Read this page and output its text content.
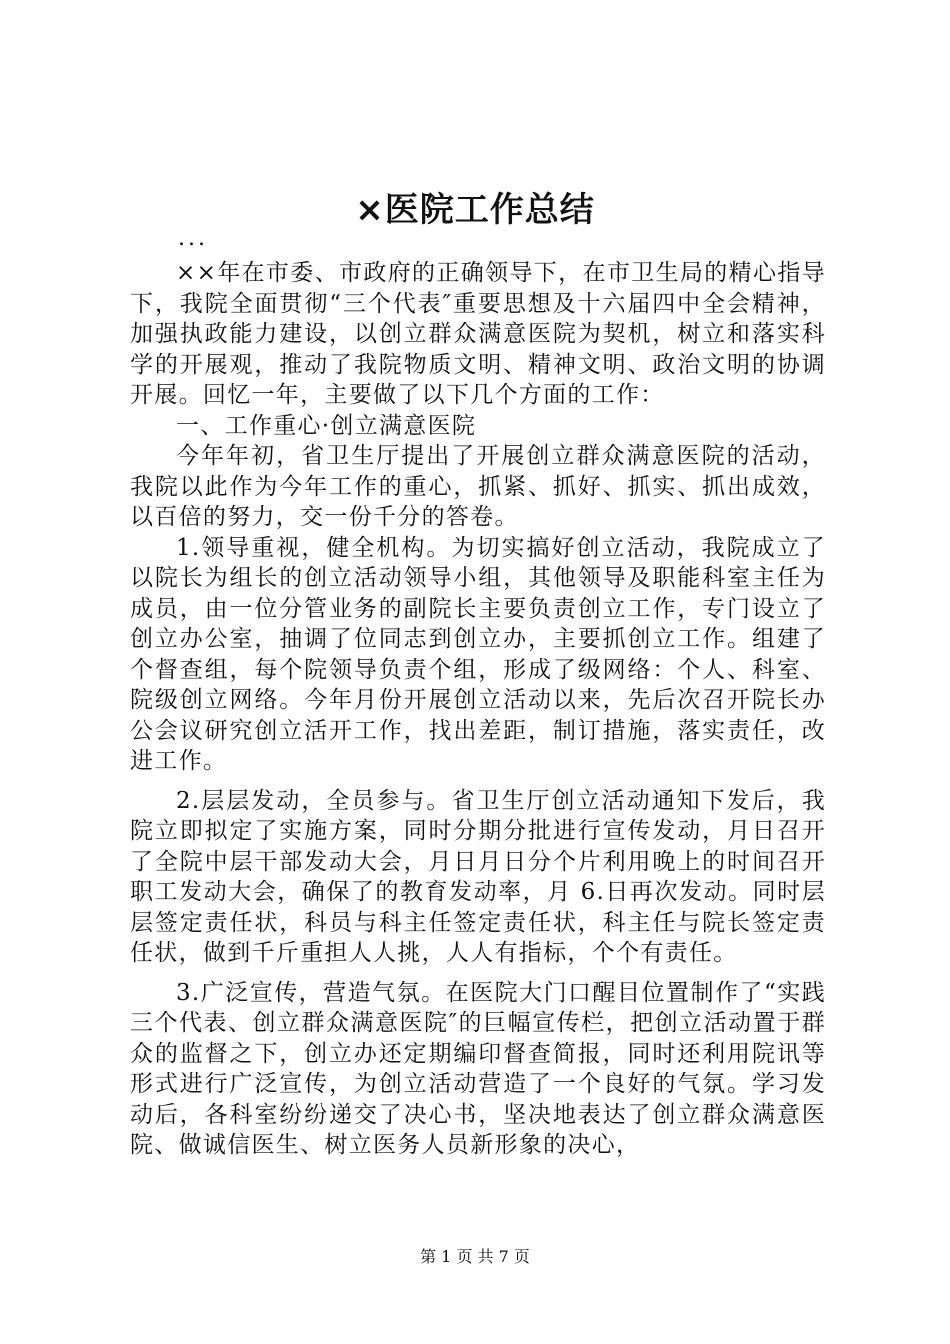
×医院工作总结
...

××年在市委、市政府的正确领导下，在市卫生局的精心指导下，我院全面贯彻“三个代表″重要思想及十六届四中全会精神，加强执政能力建设，以创立群众满意医院为契机，树立和落实科学的开展观，推动了我院物质文明、精神文明、政治文明的协调开展。回忆一年，主要做了以下几个方面的工作：

一、工作重心·创立满意医院

今年年初，省卫生厅提出了开展创立群众满意医院的活动，我院以此作为今年工作的重心，抓紧、抓好、抓实、抓出成效，以百倍的努力，交一份千分的答卷。

1.领导重视，健全机构。为切实搞好创立活动，我院成立了以院长为组长的创立活动领导小组，其他领导及职能科室主任为成员，由一位分管业务的副院长主要负责创立工作，专门设立了创立办公室，抽调了位同志到创立办，主要抓创立工作。组建了个督查组，每个院领导负责个组，形成了级网络：个人、科室、院级创立网络。今年月份开展创立活动以来，先后次召开院长办公会议研究创立活开工作，找出差距，制订措施，落实责任，改进工作。

2.层层发动，全员参与。省卫生厅创立活动通知下发后，我院立即拟定了实施方案，同时分期分批进行宣传发动，月日召开了全院中层干部发动大会，月日月日分个片利用晚上的时间召开职工发动大会，确保了的教育发动率，月 6.日再次发动。同时层层签定责任状，科员与科主任签定责任状，科主任与院长签定责任状，做到千斤重担人人挑，人人有指标，个个有责任。

3.广泛宣传，营造气氛。在医院大门口醒目位置制作了“实践三个代表、创立群众满意医院″的巨幅宣传栏，把创立活动置于群众的监督之下，创立办还定期编印督查简报，同时还利用院讯等形式进行广泛宣传，为创立活动营造了一个良好的气氛。学习发动后，各科室纷纷递交了决心书，坚决地表达了创立群众满意医院、做诚信医生、树立医务人员新形象的决心，

第 1 页 共 7 页
